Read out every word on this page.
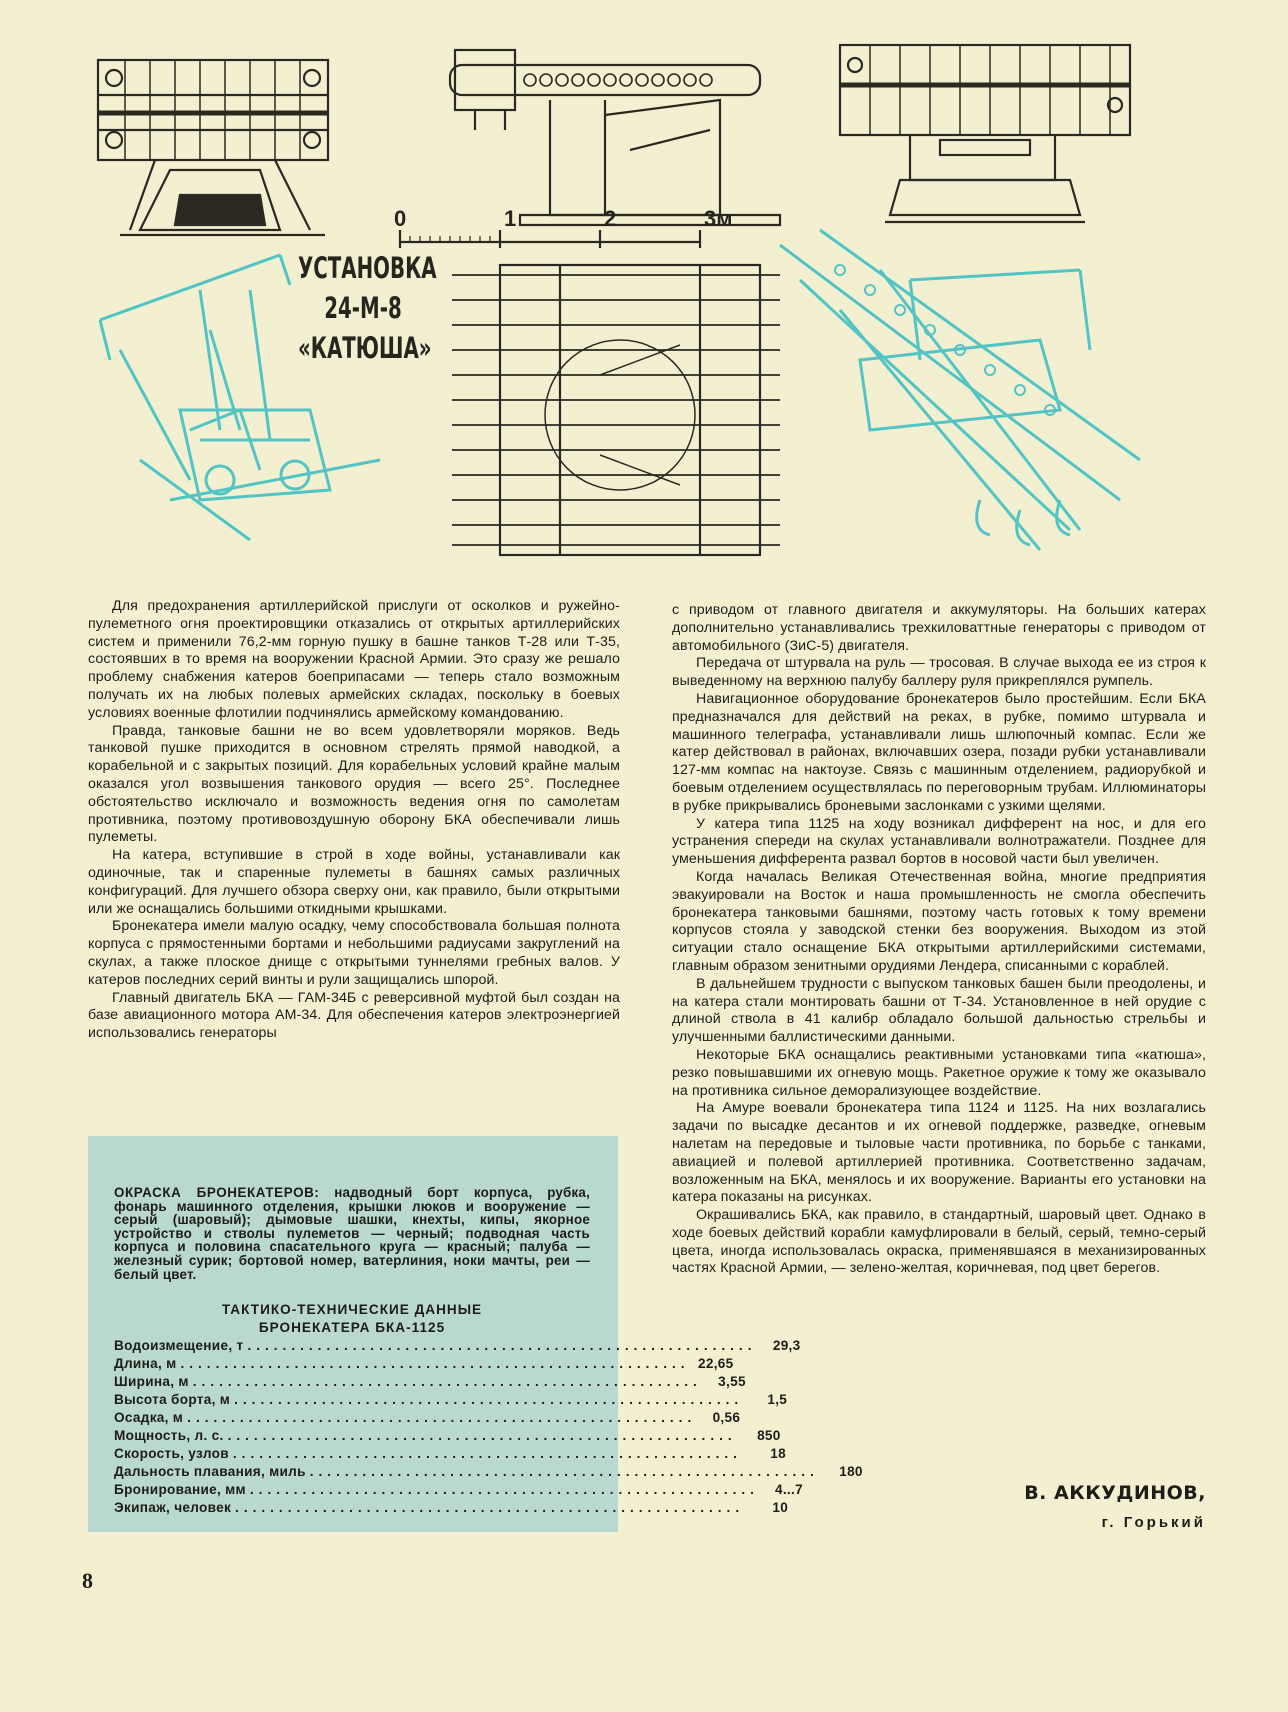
0	1	2	3м
УСТАНОВКА
24-М-8
«КАТЮША»

Для предохранения артиллерийской прислуги от осколков и ружейно-пулеметного огня проектировщики отказались от открытых артиллерийских систем и применили 76,2-мм горную пушку в башне танков Т-28 или Т-35, состоявших в то время на вооружении Красной Армии. Это сразу же решало проблему снабжения катеров боеприпасами — теперь стало возможным получать их на любых полевых армейских складах, поскольку в боевых условиях военные флотилии подчинялись армейскому командованию.

Правда, танковые башни не во всем удовлетворяли моряков. Ведь танковой пушке приходится в основном стрелять прямой наводкой, а корабельной и с закрытых позиций. Для корабельных условий крайне малым оказался угол возвышения танкового орудия — всего 25°. Последнее обстоятельство исключало и возможность ведения огня по самолетам противника, поэтому противовоздушную оборону БКА обеспечивали лишь пулеметы.

На катера, вступившие в строй в ходе войны, устанавливали как одиночные, так и спаренные пулеметы в башнях самых различных конфигураций. Для лучшего обзора сверху они, как правило, были открытыми или же оснащались большими откидными крышками.

Бронекатера имели малую осадку, чему способствовала большая полнота корпуса с прямостенными бортами и небольшими радиусами закруглений на скулах, а также плоское днище с открытыми туннелями гребных валов. У катеров последних серий винты и рули защищались шпорой.

Главный двигатель БКА — ГАМ-34Б с реверсивной муфтой был создан на базе авиационного мотора АМ-34. Для обеспечения катеров электроэнергией использовались генераторы

с приводом от главного двигателя и аккумуляторы. На больших катерах дополнительно устанавливались трехкиловаттные генераторы с приводом от автомобильного (ЗиС-5) двигателя.

Передача от штурвала на руль — тросовая. В случае выхода ее из строя к выведенному на верхнюю палубу баллеру руля прикреплялся румпель.

Навигационное оборудование бронекатеров было простейшим. Если БКА предназначался для действий на реках, в рубке, помимо штурвала и машинного телеграфа, устанавливали лишь шлюпочный компас. Если же катер действовал в районах, включавших озера, позади рубки устанавливали 127-мм компас на нактоузе. Связь с машинным отделением, радиорубкой и боевым отделением осуществлялась по переговорным трубам. Иллюминаторы в рубке прикрывались броневыми заслонками с узкими щелями.

У катера типа 1125 на ходу возникал дифферент на нос, и для его устранения спереди на скулах устанавливали волнотражатели. Позднее для уменьшения дифферента развал бортов в носовой части был увеличен.

Когда началась Великая Отечественная война, многие предприятия эвакуировали на Восток и наша промышленность не смогла обеспечить бронекатера танковыми башнями, поэтому часть готовых к тому времени корпусов стояла у заводской стенки без вооружения. Выходом из этой ситуации стало оснащение БКА открытыми артиллерийскими системами, главным образом зенитными орудиями Лендера, списанными с кораблей.

В дальнейшем трудности с выпуском танковых башен были преодолены, и на катера стали монтировать башни от Т-34. Установленное в ней орудие с длиной ствола в 41 калибр обладало большой дальностью стрельбы и улучшенными баллистическими данными.

Некоторые БКА оснащались реактивными установками типа «катюша», резко повышавшими их огневую мощь. Ракетное оружие к тому же оказывало на противника сильное деморализующее воздействие.

На Амуре воевали бронекатера типа 1124 и 1125. На них возлагались задачи по высадке десантов и их огневой поддержке, разведке, огневым налетам на передовые и тыловые части противника, по борьбе с танками, авиацией и полевой артиллерией противника. Соответственно задачам, возложенным на БКА, менялось и их вооружение. Варианты его установки на катера показаны на рисунках.

Окрашивались БКА, как правило, в стандартный, шаровый цвет. Однако в ходе боевых действий корабли камуфлировали в белый, серый, темно-серый цвета, иногда использовалась окраска, применявшаяся в механизированных частях Красной Армии, — зелено-желтая, коричневая, под цвет берегов.

ОКРАСКА БРОНЕКАТЕРОВ: надводный борт корпуса, рубка, фонарь машинного отделения, крышки люков и вооружение — серый (шаровый); дымовые шашки, кнехты, кипы, якорное устройство и стволы пулеметов — черный; подводная часть корпуса и половина спасательного круга — красный; палуба — железный сурик; бортовой номер, ватерлиния, ноки мачты, реи — белый цвет.
ТАКТИКО-ТЕХНИЧЕСКИЕ ДАННЫЕ
БРОНЕКАТЕРА БКА-1125
Водоизмещение, т ..........................................................	29,3
Длина, м .......................................................... 22,65
Ширина, м ..........................................................	3,55
Высота борта, м ..........................................................	1,5
Осадка, м ..........................................................	0,56
Мощность, л. с. ..........................................................	850
Скорость, узлов ..........................................................	18
Дальность плавания, миль ..........................................................	180
Бронирование, мм ..........................................................	4...7
Экипаж, человек ..........................................................	10
В. АККУДИНОВ,
г. Горький
8
